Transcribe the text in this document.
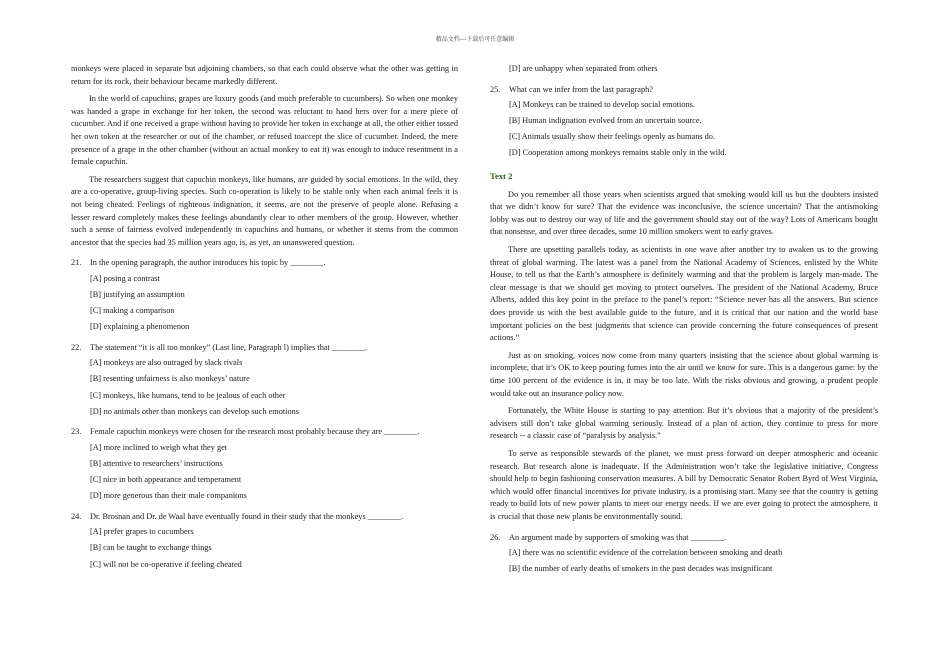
精品文档---下载后可任意编辑

monkeys were placed in separate but adjoining chambers, so that each could observe what the other was getting in return for its rock, their behaviour became markedly different.

In the world of capuchins, grapes are luxury goods (and much preferable to cucumbers). So when one monkey was handed a grape in exchange for her token, the second was reluctant to hand hers over for a mere piece of cucumber. And if one received a grape without having to provide her token in exchange at all, the other either tossed her own token at the researcher or out of the chamber, or refused toaccept the slice of cucumber. Indeed, the mere presence of a grape in the other chamber (without an actual monkey to eat it) was enough to induce resentment in a female capuchin.

The researchers suggest that capuchin monkeys, like humans, are guided by social emotions. In the wild, they are a co-operative, group-living species. Such co-operation is likely to be stable only when each animal feels it is not being cheated. Feelings of righteous indignation, it seems, are not the preserve of people alone. Refusing a lesser reward completely makes these feelings abundantly clear to other members of the group. However, whether such a sense of fairness evolved independently in capuchins and humans, or whether it stems from the common ancestor that the species had 35 million years ago, is, as yet, an unanswered question.

21.	In the opening paragraph, the author introduces his topic by ________.
[A] posing a contrast
[B] justifying an assumption
[C] making a comparison
[D] explaining a phenomenon
22.	The statement “it is all too monkey” (Last line, Paragraph l) implies that ________.
[A] monkeys are also outraged by slack rivals
[B] resenting unfairness is also monkeys’ nature
[C] monkeys, like humans, tend to be jealous of each other
[D] no animals other than monkeys can develop such emotions
23.	Female capuchin monkeys were chosen for the research most probably because they are ________.
[A] more inclined to weigh what they get
[B] attentive to researchers’ instructions
[C] nice in both appearance and temperament
[D] more generous than their male companions
24.	Dr. Brosnan and Dr. de Waal have eventually found in their study that the monkeys ________.
[A] prefer grapes to cucumbers
[B] can be taught to exchange things
[C] will not be co-operative if feeling cheated
[D] are unhappy when separated from others
25.	What can we infer from the last paragraph?
[A] Monkeys can be trained to develop social emotions.
[B] Human indignation evolved from an uncertain source.
[C] Animals usually show their feelings openly as humans do.
[D] Cooperation among monkeys remains stable only in the wild.
Text 2

Do you remember all those years when scientists argued that smoking would kill us but the doubters insisted that we didn’t know for sure? That the evidence was inconclusive, the science uncertain? That the antismoking lobby was out to destroy our way of life and the government should stay out of the way? Lots of Americans bought that nonsense, and over three decades, some 10 million smokers went to early graves.

There are upsetting parallels today, as scientists in one wave after another try to awaken us to the growing threat of global warming. The latest was a panel from the National Academy of Sciences, enlisted by the White House, to tell us that the Earth’s atmosphere is definitely warming and that the problem is largely man-made. The clear message is that we should get moving to protect ourselves. The president of the National Academy, Bruce Alberts, added this key point in the preface to the panel’s report: “Science never has all the answers. But science does provide us with the best available guide to the future, and it is critical that our nation and the world base important policies on the best judgments that science can provide concerning the future consequences of present actions.”

Just as on smoking, voices now come from many quarters insisting that the science about global warming is incomplete, that it’s OK to keep pouring fumes into the air until we know for sure. This is a dangerous game: by the time 100 percent of the evidence is in, it may be too late. With the risks obvious and growing, a prudent people would take out an insurance policy now.

Fortunately, the White House is starting to pay attention. But it’s obvious that a majority of the president’s advisers still don’t take global warming seriously. Instead of a plan of action, they continue to press for more research -- a classic case of “paralysis by analysis.”

To serve as responsible stewards of the planet, we must press forward on deeper atmospheric and oceanic research. But research alone is inadequate. If the Administration won’t take the legislative initiative, Congress should help to begin fashioning conservation measures. A bill by Democratic Senator Robert Byrd of West Virginia, which would offer financial incentives for private industry, is a promising start. Many see that the country is getting ready to build lots of new power plants to meet our energy needs. If we are ever going to protect the atmosphere, it is crucial that those new plants be environmentally sound.

26.	An argument made by supporters of smoking was that ________.
[A] there was no scientific evidence of the correlation between smoking and death
[B] the number of early deaths of smokers in the past decades was insignificant
